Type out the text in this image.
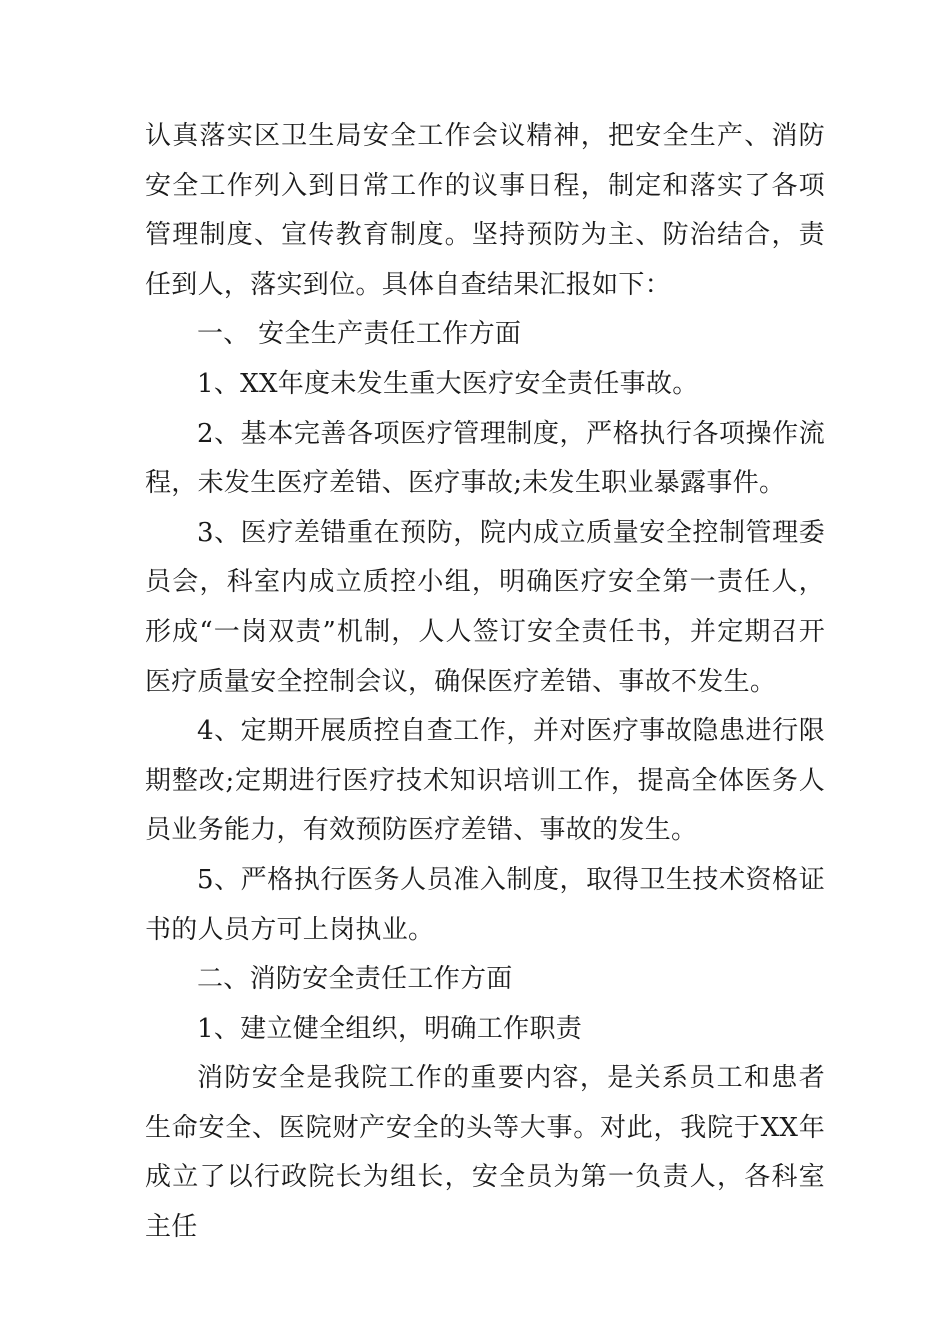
认真落实区卫生局安全工作会议精神，把安全生产、消防安全工作列入到日常工作的议事日程，制定和落实了各项管理制度、宣传教育制度。坚持预防为主、防治结合，责任到人，落实到位。具体自查结果汇报如下：

一、 安全生产责任工作方面

1、XX年度未发生重大医疗安全责任事故。

2、基本完善各项医疗管理制度，严格执行各项操作流程，未发生医疗差错、医疗事故;未发生职业暴露事件。

3、医疗差错重在预防，院内成立质量安全控制管理委员会，科室内成立质控小组，明确医疗安全第一责任人，形成“一岗双责”机制，人人签订安全责任书，并定期召开医疗质量安全控制会议，确保医疗差错、事故不发生。

4、定期开展质控自查工作，并对医疗事故隐患进行限期整改;定期进行医疗技术知识培训工作，提高全体医务人员业务能力，有效预防医疗差错、事故的发生。

5、严格执行医务人员准入制度，取得卫生技术资格证书的人员方可上岗执业。

二、消防安全责任工作方面

1、建立健全组织，明确工作职责

消防安全是我院工作的重要内容，是关系员工和患者生命安全、医院财产安全的头等大事。对此，我院于XX年成立了以行政院长为组长，安全员为第一负责人，各科室主任
